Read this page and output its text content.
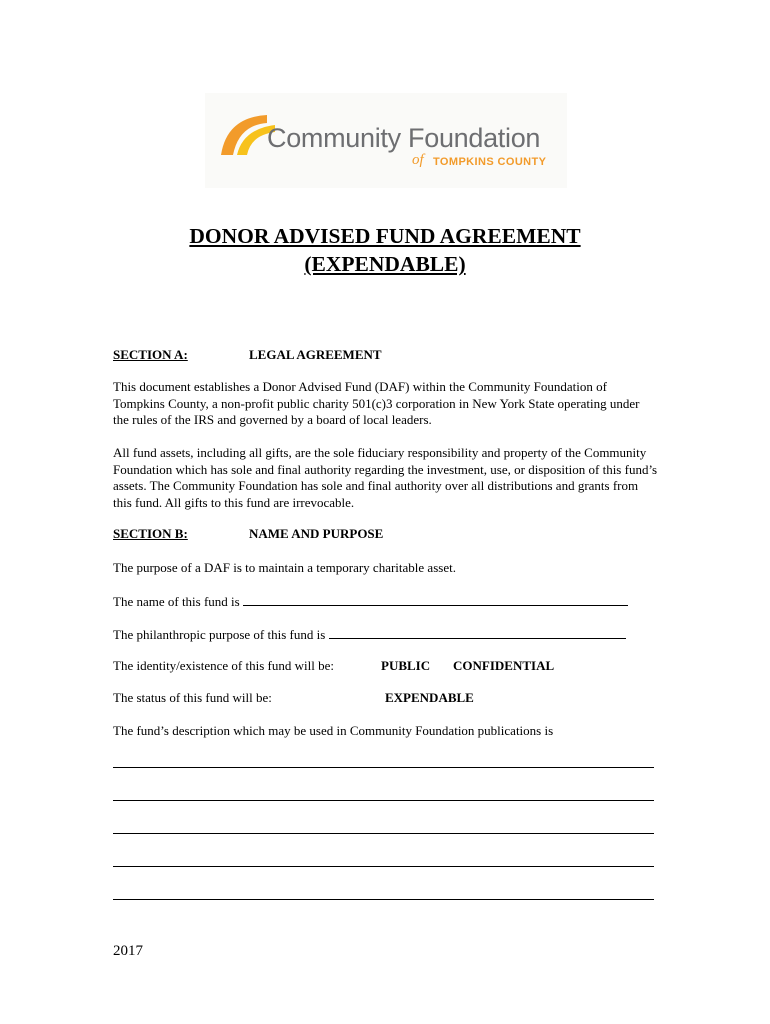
Community Foundation
of TOMPKINS COUNTY
DONOR ADVISED FUND AGREEMENT
(EXPENDABLE)
SECTION A:	LEGAL AGREEMENT
This document establishes a Donor Advised Fund (DAF) within the Community Foundation of Tompkins County, a non-profit public charity 501(c)3 corporation in New York State operating under the rules of the IRS and governed by a board of local leaders.
All fund assets, including all gifts, are the sole fiduciary responsibility and property of the Community Foundation which has sole and final authority regarding the investment, use, or disposition of this fund’s assets. The Community Foundation has sole and final authority over all distributions and grants from this fund. All gifts to this fund are irrevocable.
SECTION B:	NAME AND PURPOSE
The purpose of a DAF is to maintain a temporary charitable asset.
The name of this fund is
The philanthropic purpose of this fund is
The identity/existence of this fund will be:	PUBLIC CONFIDENTIAL
The status of this fund will be:	EXPENDABLE
The fund’s description which may be used in Community Foundation publications is
2017
